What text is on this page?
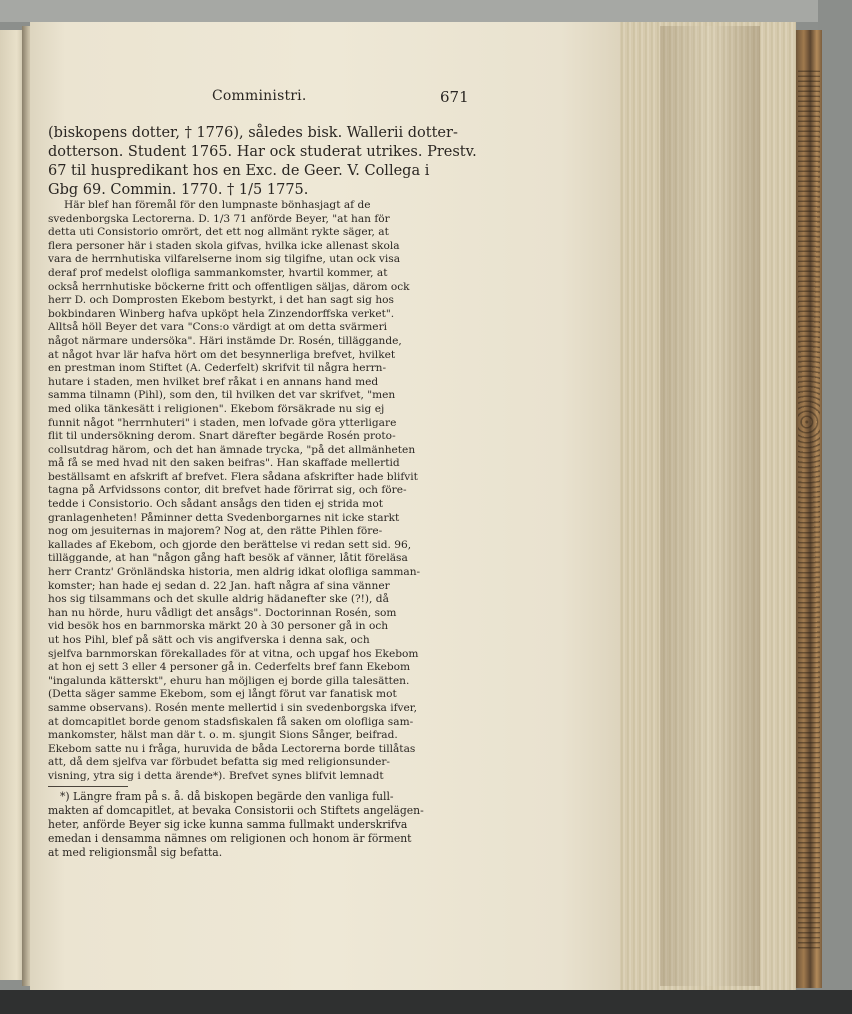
Comministri.	671
(biskopens dotter, † 1776), således bisk. Wallerii dotter-
dotterson. Student 1765. Har ock studerat utrikes. Prestv.
67 til huspredikant hos en Exc. de Geer. V. Collega i
Gbg 69. Commin. 1770. † 1/5 1775.
Här blef han föremål för den lumpnaste bönhasjagt af de
svedenborgska Lectorerna. D. 1/3 71 anförde Beyer, "at han för
detta uti Consistorio omrört, det ett nog allmänt rykte säger, at
flera personer här i staden skola gifvas, hvilka icke allenast skola
vara de herrnhutiska vilfarelserne inom sig tilgifne, utan ock visa
deraf prof medelst olofliga sammankomster, hvartil kommer, at
också herrnhutiske böckerne fritt och offentligen säljas, därom ock
herr D. och Domprosten Ekebom bestyrkt, i det han sagt sig hos
bokbindaren Winberg hafva upköpt hela Zinzendorffska verket".
Alltså höll Beyer det vara "Cons:o värdigt at om detta svärmeri
något närmare undersöka". Häri instämde Dr. Rosén, tilläggande,
at något hvar lär hafva hört om det besynnerliga brefvet, hvilket
en prestman inom Stiftet (A. Cederfelt) skrifvit til några herrn-
hutare i staden, men hvilket bref råkat i en annans hand med
samma tilnamn (Pihl), som den, til hvilken det var skrifvet, "men
med olika tänkesätt i religionen". Ekebom försäkrade nu sig ej
funnit något "herrnhuteri" i staden, men lofvade göra ytterligare
flit til undersökning derom. Snart därefter begärde Rosén proto-
collsutdrag härom, och det han ämnade trycka, "på det allmänheten
må få se med hvad nit den saken beifras". Han skaffade mellertid
beställsamt en afskrift af brefvet. Flera sådana afskrifter hade blifvit
tagna på Arfvidssons contor, dit brefvet hade förirrat sig, och före-
tedde i Consistorio. Och sådant ansågs den tiden ej strida mot
granlagenheten! Påminner detta Svedenborgarnes nit icke starkt
nog om jesuiternas in majorem? Nog at, den rätte Pihlen före-
kallades af Ekebom, och gjorde den berättelse vi redan sett sid. 96,
tilläggande, at han "någon gång haft besök af vänner, låtit föreläsa
herr Crantz' Grönländska historia, men aldrig idkat olofliga samman-
komster; han hade ej sedan d. 22 Jan. haft några af sina vänner
hos sig tilsammans och det skulle aldrig hädanefter ske (?!), då
han nu hörde, huru vådligt det ansågs". Doctorinnan Rosén, som
vid besök hos en barnmorska märkt 20 à 30 personer gå in och
ut hos Pihl, blef på sätt och vis angifverska i denna sak, och
sjelfva barnmorskan förekallades för at vitna, och upgaf hos Ekebom
at hon ej sett 3 eller 4 personer gå in. Cederfelts bref fann Ekebom
"ingalunda kätterskt", ehuru han möjligen ej borde gilla talesätten.
(Detta säger samme Ekebom, som ej långt förut var fanatisk mot
samme observans). Rosén mente mellertid i sin svedenborgska ifver,
at domcapitlet borde genom stadsfiskalen få saken om olofliga sam-
mankomster, hälst man där t. o. m. sjungit Sions Sånger, beifrad.
Ekebom satte nu i fråga, huruvida de båda Lectorerna borde tillåtas
att, då dem sjelfva var förbudet befatta sig med religionsunder-
visning, ytra sig i detta ärende*). Brefvet synes blifvit lemnadt
*) Längre fram på s. å. då biskopen begärde den vanliga full-
makten af domcapitlet, at bevaka Consistorii och Stiftets angelägen-
heter, anförde Beyer sig icke kunna samma fullmakt underskrifva
emedan i densamma nämnes om religionen och honom är förment
at med religionsmål sig befatta.
